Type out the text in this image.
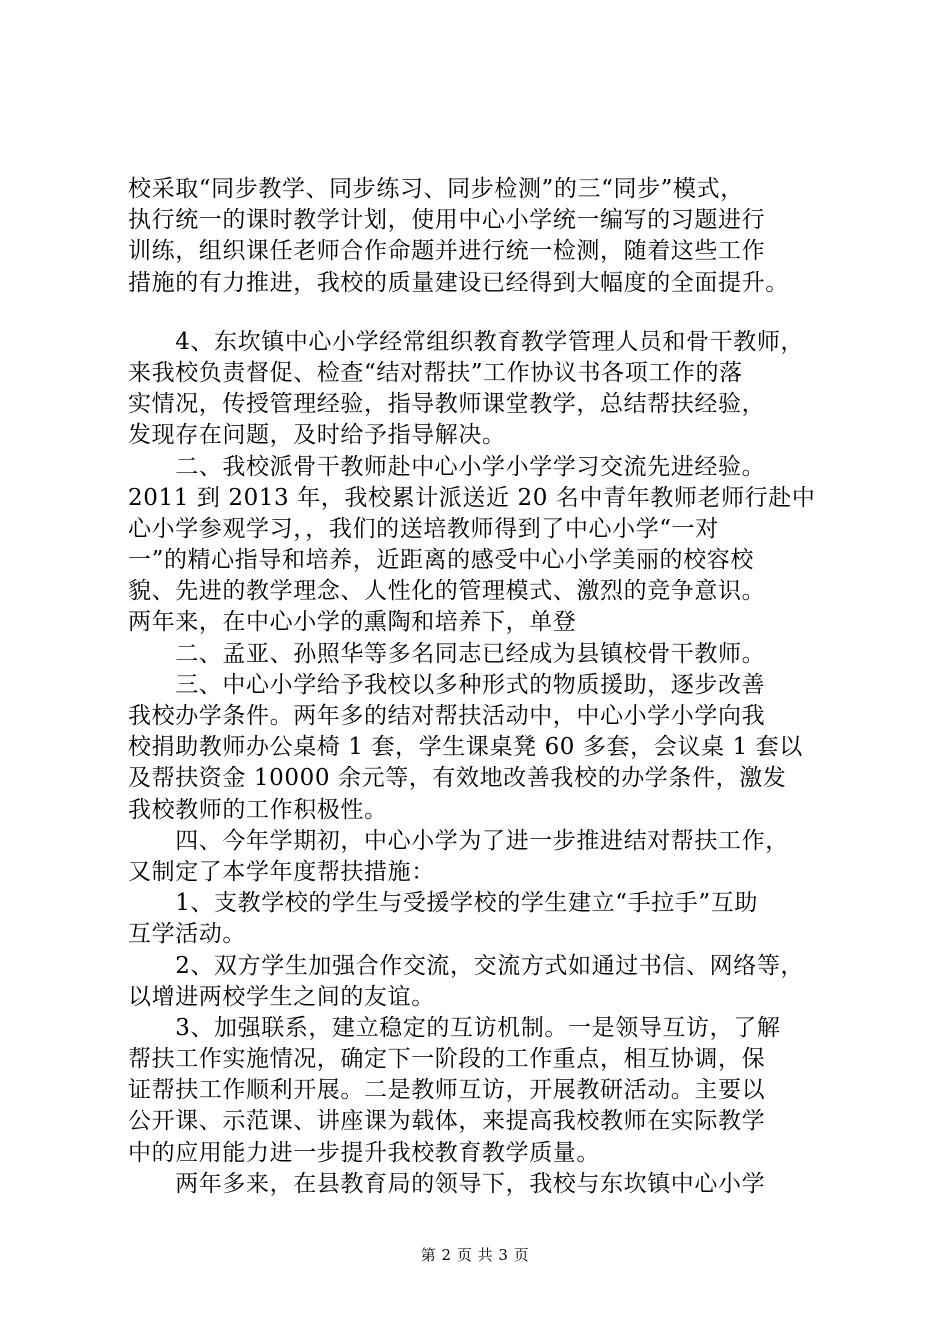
校采取“同步教学、同步练习、同步检测”的三“同步”模式，
执行统一的课时教学计划，使用中心小学统一编写的习题进行
训练，组织课任老师合作命题并进行统一检测，随着这些工作
措施的有力推进，我校的质量建设已经得到大幅度的全面提升。
　　4、东坎镇中心小学经常组织教育教学管理人员和骨干教师，
来我校负责督促、检查“结对帮扶”工作协议书各项工作的落
实情况，传授管理经验，指导教师课堂教学，总结帮扶经验，
发现存在问题，及时给予指导解决。
　　二、我校派骨干教师赴中心小学小学学习交流先进经验。
2011 到 2013 年，我校累计派送近 20 名中青年教师老师行赴中
心小学参观学习，，我们的送培教师得到了中心小学“一对
一”的精心指导和培养，近距离的感受中心小学美丽的校容校
貌、先进的教学理念、人性化的管理模式、激烈的竞争意识。
两年来，在中心小学的熏陶和培养下，单登
　　二、孟亚、孙照华等多名同志已经成为县镇校骨干教师。
　　三、中心小学给予我校以多种形式的物质援助，逐步改善
我校办学条件。两年多的结对帮扶活动中，中心小学小学向我
校捐助教师办公桌椅 1 套，学生课桌凳 60 多套，会议桌 1 套以
及帮扶资金 10000 余元等，有效地改善我校的办学条件，激发
我校教师的工作积极性。
　　四、今年学期初，中心小学为了进一步推进结对帮扶工作，
又制定了本学年度帮扶措施：
　　1、支教学校的学生与受援学校的学生建立“手拉手”互助
互学活动。
　　2、双方学生加强合作交流，交流方式如通过书信、网络等，
以增进两校学生之间的友谊。
　　3、加强联系，建立稳定的互访机制。一是领导互访，了解
帮扶工作实施情况，确定下一阶段的工作重点，相互协调，保
证帮扶工作顺利开展。二是教师互访，开展教研活动。主要以
公开课、示范课、讲座课为载体，来提高我校教师在实际教学
中的应用能力进一步提升我校教育教学质量。
　　两年多来，在县教育局的领导下，我校与东坎镇中心小学
第 2 页 共 3 页
